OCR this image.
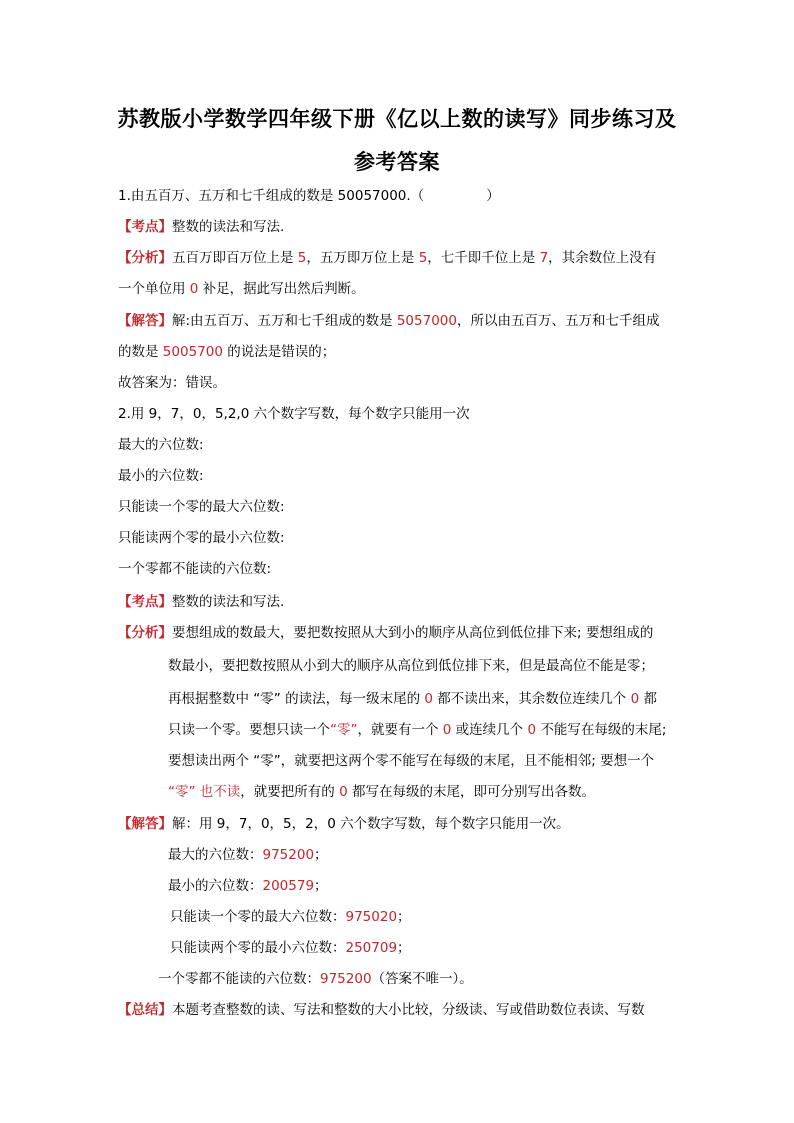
苏教版小学数学四年级下册《亿以上数的读写》同步练习及
参考答案
1.由五百万、五万和七千组成的数是 50057000.（	）
【考点】整数的读法和写法.
【分析】五百万即百万位上是 5，五万即万位上是 5，七千即千位上是 7，其余数位上没有
一个单位用 0 补足，据此写出然后判断。
【解答】解:由五百万、五万和七千组成的数是 5057000，所以由五百万、五万和七千组成
的数是 5005700 的说法是错误的；
故答案为：错误。
2.用 9，7，0，5,2,0 六个数字写数，每个数字只能用一次
最大的六位数:
最小的六位数:
只能读一个零的最大六位数:
只能读两个零的最小六位数:
一个零都不能读的六位数:
【考点】整数的读法和写法.
【分析】要想组成的数最大，要把数按照从大到小的顺序从高位到低位排下来; 要想组成的
数最小，要把数按照从小到大的顺序从高位到低位排下来，但是最高位不能是零；
再根据整数中 “零” 的读法，每一级末尾的 0 都不读出来，其余数位连续几个 0 都
只读一个零。要想只读一个“零”，就要有一个 0 或连续几个 0 不能写在每级的末尾;
要想读出两个 “零”，就要把这两个零不能写在每级的末尾，且不能相邻; 要想一个
“零” 也不读，就要把所有的 0 都写在每级的末尾，即可分别写出各数。
【解答】解：用 9，7，0，5，2，0 六个数字写数，每个数字只能用一次。
最大的六位数：975200；
最小的六位数：200579；
只能读一个零的最大六位数：975020；
只能读两个零的最小六位数：250709；
一个零都不能读的六位数：975200（答案不唯一）。
【总结】本题考查整数的读、写法和整数的大小比较，分级读、写或借助数位表读、写数
